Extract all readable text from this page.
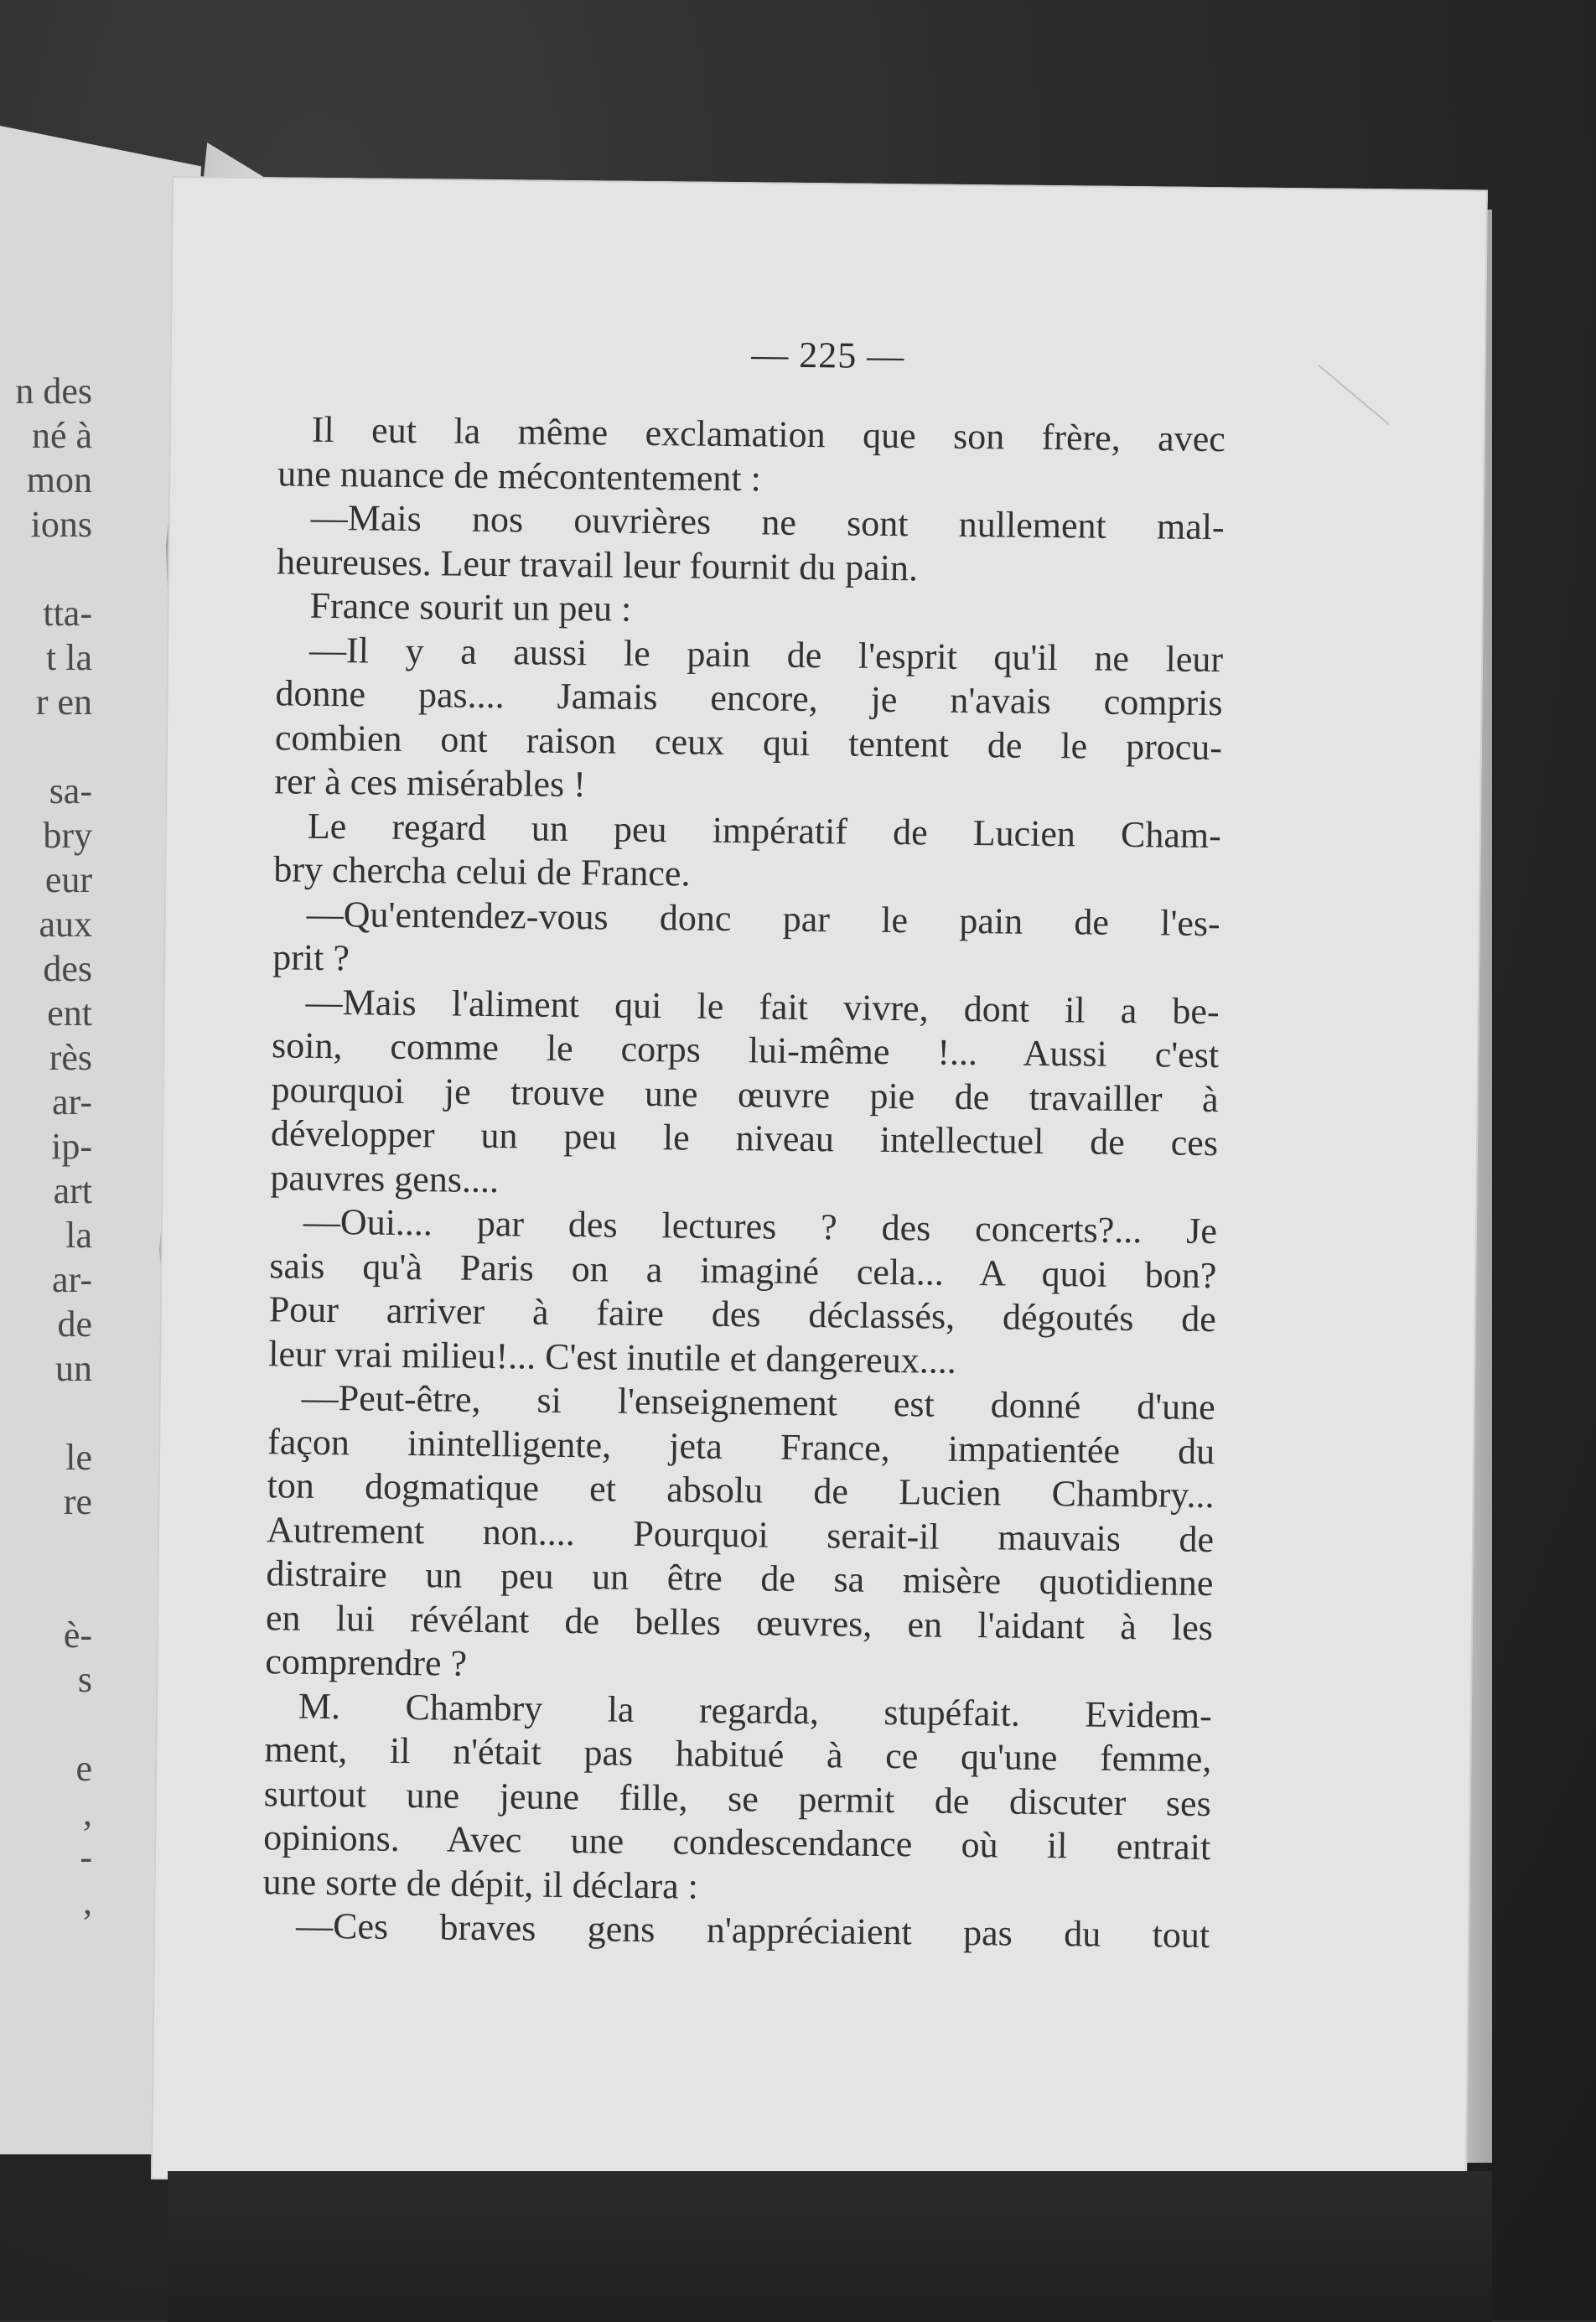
n des
né à
mon
ions
tta-
t la
r en
sa-
bry
eur
aux
des
ent
rès
ar-
ip-
art
la
ar-
de
un
le
re
è-
s
e
,
-
,
— 225 —
Il eut la même exclamation que son frère, avec
une nuance de mécontentement :
—Mais nos ouvrières ne sont nullement mal-
heureuses. Leur travail leur fournit du pain.
France sourit un peu :
—Il y a aussi le pain de l'esprit qu'il ne leur
donne pas.... Jamais encore, je n'avais compris
combien ont raison ceux qui tentent de le procu-
rer à ces misérables !
Le regard un peu impératif de Lucien Cham-
bry chercha celui de France.
—Qu'entendez-vous donc par le pain de l'es-
prit ?
—Mais l'aliment qui le fait vivre, dont il a be-
soin, comme le corps lui-même !... Aussi c'est
pourquoi je trouve une œuvre pie de travailler à
développer un peu le niveau intellectuel de ces
pauvres gens....
—Oui.... par des lectures ? des concerts?... Je
sais qu'à Paris on a imaginé cela... A quoi bon?
Pour arriver à faire des déclassés, dégoutés de
leur vrai milieu!... C'est inutile et dangereux....
—Peut-être, si l'enseignement est donné d'une
façon inintelligente, jeta France, impatientée du
ton dogmatique et absolu de Lucien Chambry...
Autrement non.... Pourquoi serait-il mauvais de
distraire un peu un être de sa misère quotidienne
en lui révélant de belles œuvres, en l'aidant à les
comprendre ?
M. Chambry la regarda, stupéfait. Evidem-
ment, il n'était pas habitué à ce qu'une femme,
surtout une jeune fille, se permit de discuter ses
opinions. Avec une condescendance où il entrait
une sorte de dépit, il déclara :
—Ces braves gens n'appréciaient pas du tout
